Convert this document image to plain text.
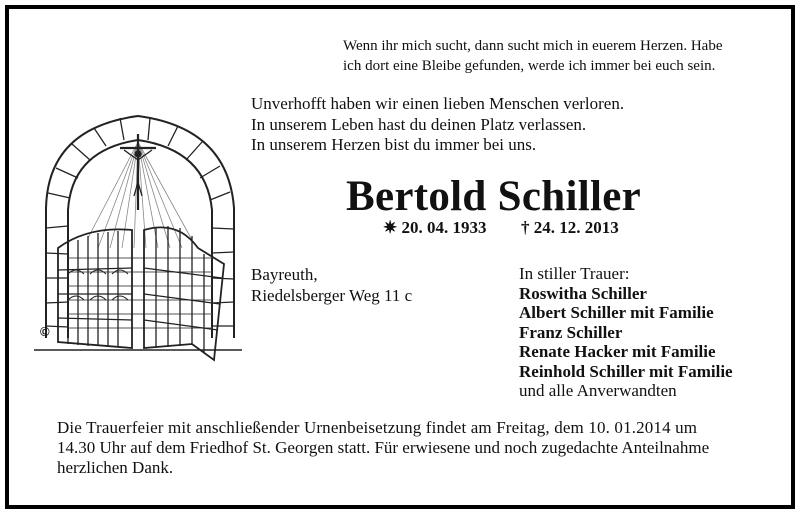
©
Wenn ihr mich sucht, dann sucht mich in euerem Herzen. Habe
ich dort eine Bleibe gefunden, werde ich immer bei euch sein.
Unverhofft haben wir einen lieben Menschen verloren.
In unserem Leben hast du deinen Platz verlassen.
In unserem Herzen bist du immer bei uns.
Bertold Schiller
✷ 20. 04. 1933 † 24. 12. 2013
Bayreuth,
Riedelsberger Weg 11 c
In stiller Trauer:
Roswitha Schiller
Albert Schiller mit Familie
Franz Schiller
Renate Hacker mit Familie
Reinhold Schiller mit Familie
und alle Anverwandten
Die Trauerfeier mit anschließender Urnenbeisetzung findet am Freitag, dem 10. 01.2014 um
14.30 Uhr auf dem Friedhof St. Georgen statt. Für erwiesene und noch zugedachte Anteilnahme
herzlichen Dank.
